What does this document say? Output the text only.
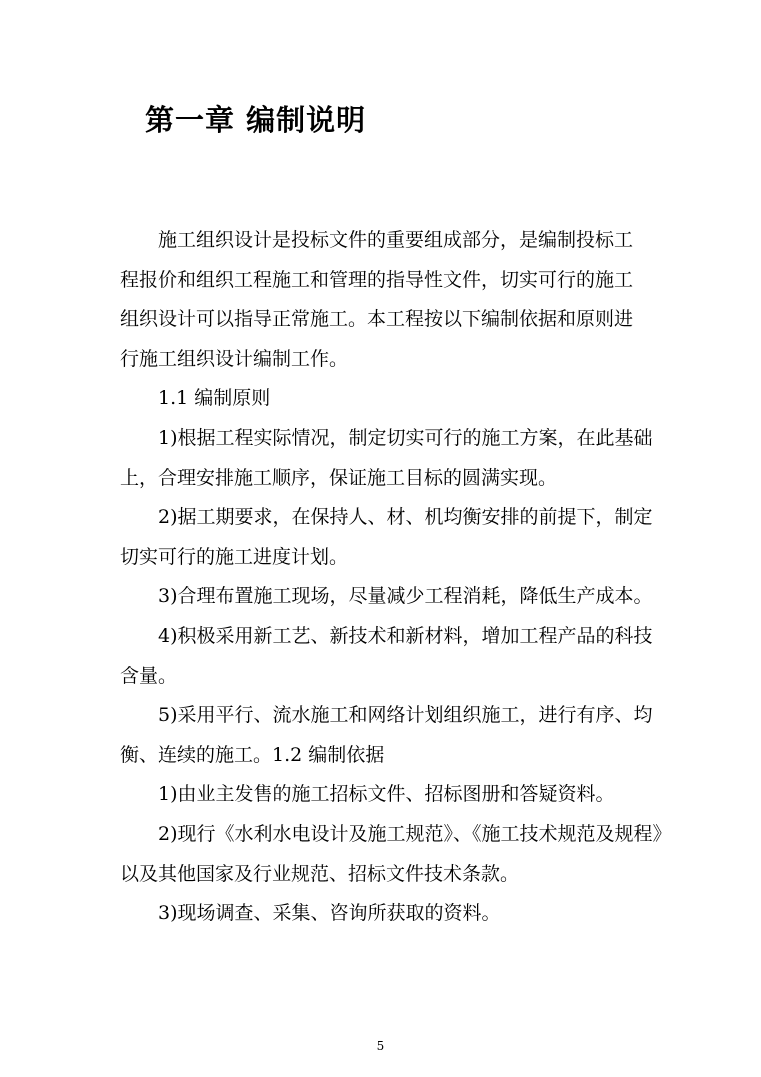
第一章 编制说明
施工组织设计是投标文件的重要组成部分，是编制投标工
程报价和组织工程施工和管理的指导性文件，切实可行的施工
组织设计可以指导正常施工。本工程按以下编制依据和原则进
行施工组织设计编制工作。
1.1 编制原则
1)根据工程实际情况，制定切实可行的施工方案，在此基础
上，合理安排施工顺序，保证施工目标的圆满实现。
2)据工期要求，在保持人、材、机均衡安排的前提下，制定
切实可行的施工进度计划。
3)合理布置施工现场，尽量减少工程消耗，降低生产成本。
4)积极采用新工艺、新技术和新材料，增加工程产品的科技
含量。
5)采用平行、流水施工和网络计划组织施工，进行有序、均
衡、连续的施工。1.2 编制依据
1)由业主发售的施工招标文件、招标图册和答疑资料。
2)现行《水利水电设计及施工规范》、《施工技术规范及规程》
以及其他国家及行业规范、招标文件技术条款。
3)现场调查、采集、咨询所获取的资料。
5
